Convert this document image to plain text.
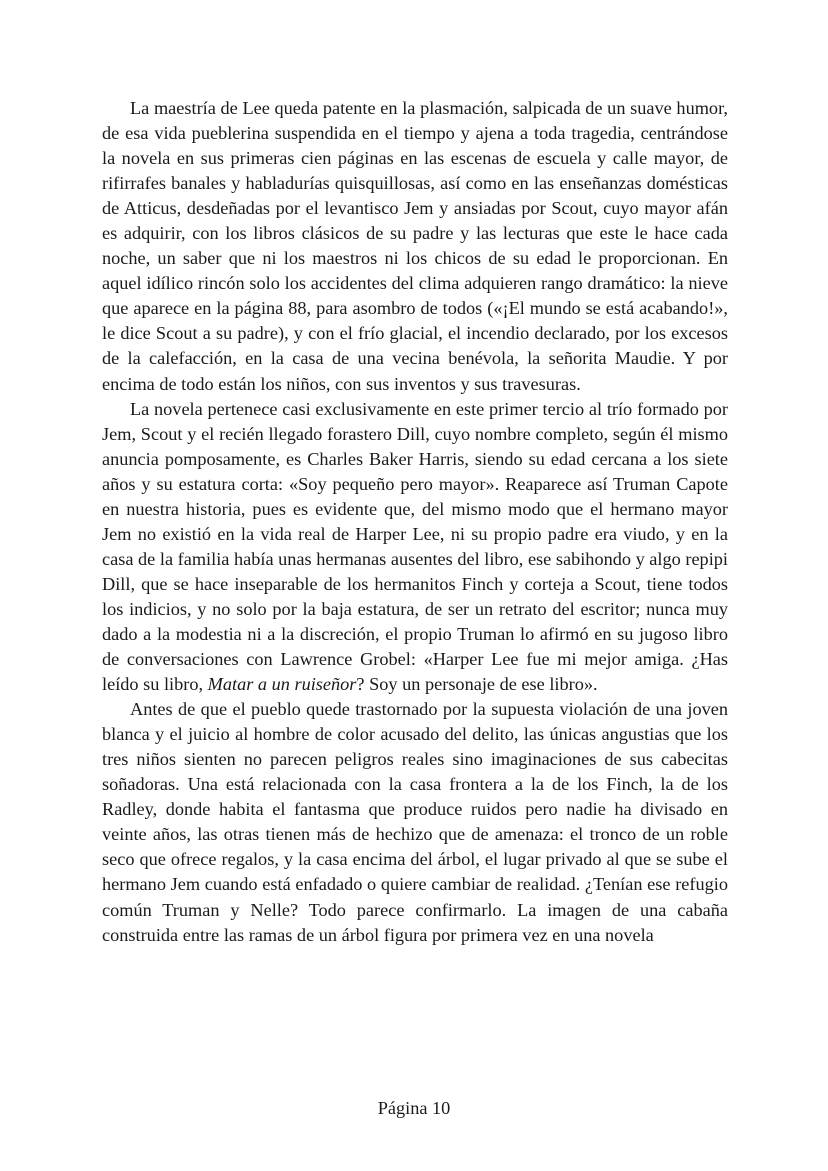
La maestría de Lee queda patente en la plasmación, salpicada de un suave humor, de esa vida pueblerina suspendida en el tiempo y ajena a toda tragedia, centrándose la novela en sus primeras cien páginas en las escenas de escuela y calle mayor, de rifirrafes banales y habladurías quisquillosas, así como en las enseñanzas domésticas de Atticus, desdeñadas por el levantisco Jem y ansiadas por Scout, cuyo mayor afán es adquirir, con los libros clásicos de su padre y las lecturas que este le hace cada noche, un saber que ni los maestros ni los chicos de su edad le proporcionan. En aquel idílico rincón solo los accidentes del clima adquieren rango dramático: la nieve que aparece en la página 88, para asombro de todos («¡El mundo se está acabando!», le dice Scout a su padre), y con el frío glacial, el incendio declarado, por los excesos de la calefacción, en la casa de una vecina benévola, la señorita Maudie. Y por encima de todo están los niños, con sus inventos y sus travesuras.

La novela pertenece casi exclusivamente en este primer tercio al trío formado por Jem, Scout y el recién llegado forastero Dill, cuyo nombre completo, según él mismo anuncia pomposamente, es Charles Baker Harris, siendo su edad cercana a los siete años y su estatura corta: «Soy pequeño pero mayor». Reaparece así Truman Capote en nuestra historia, pues es evidente que, del mismo modo que el hermano mayor Jem no existió en la vida real de Harper Lee, ni su propio padre era viudo, y en la casa de la familia había unas hermanas ausentes del libro, ese sabihondo y algo repipi Dill, que se hace inseparable de los hermanitos Finch y corteja a Scout, tiene todos los indicios, y no solo por la baja estatura, de ser un retrato del escritor; nunca muy dado a la modestia ni a la discreción, el propio Truman lo afirmó en su jugoso libro de conversaciones con Lawrence Grobel: «Harper Lee fue mi mejor amiga. ¿Has leído su libro, Matar a un ruiseñor? Soy un personaje de ese libro».

Antes de que el pueblo quede trastornado por la supuesta violación de una joven blanca y el juicio al hombre de color acusado del delito, las únicas angustias que los tres niños sienten no parecen peligros reales sino imaginaciones de sus cabecitas soñadoras. Una está relacionada con la casa frontera a la de los Finch, la de los Radley, donde habita el fantasma que produce ruidos pero nadie ha divisado en veinte años, las otras tienen más de hechizo que de amenaza: el tronco de un roble seco que ofrece regalos, y la casa encima del árbol, el lugar privado al que se sube el hermano Jem cuando está enfadado o quiere cambiar de realidad. ¿Tenían ese refugio común Truman y Nelle? Todo parece confirmarlo. La imagen de una cabaña construida entre las ramas de un árbol figura por primera vez en una novela

Página 10
